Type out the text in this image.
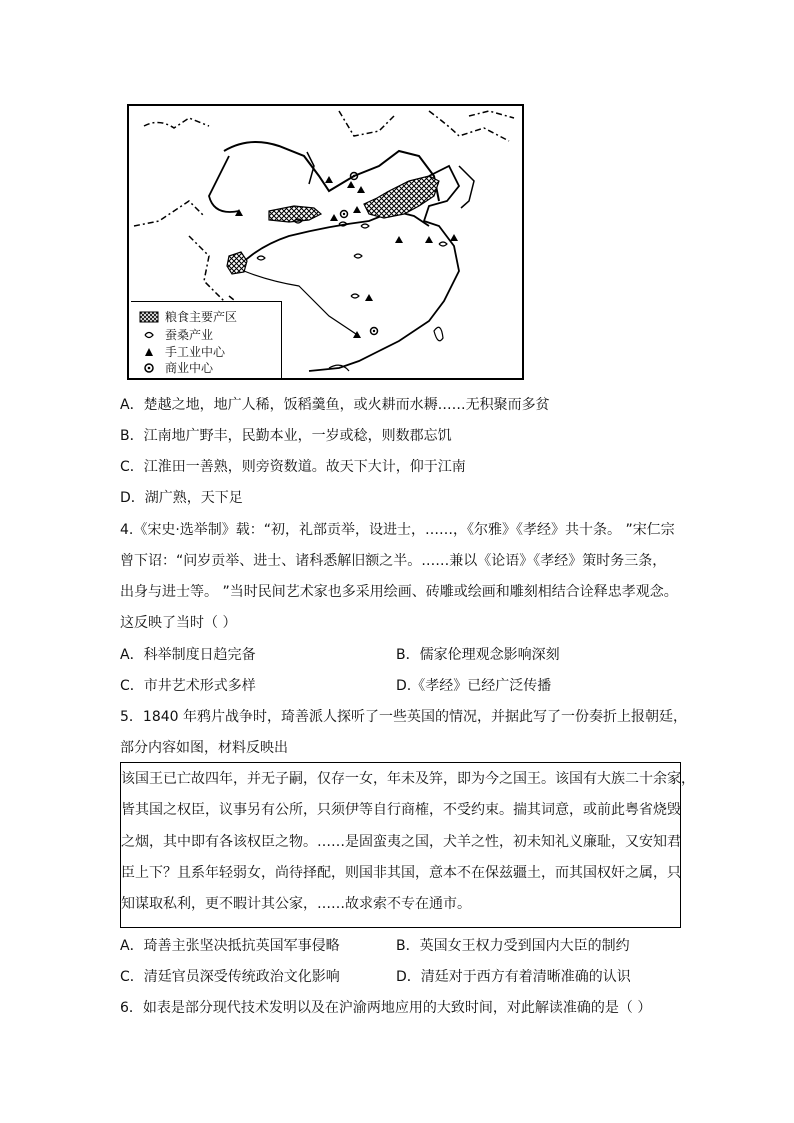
粮食主要产区
蚕桑产业
手工业中心
商业中心
A．楚越之地，地广人稀，饭稻羹鱼，或火耕而水耨……无积聚而多贫
B．江南地广野丰，民勤本业，一岁或稔，则数郡忘饥
C．江淮田一善熟，则旁资数道。故天下大计，仰于江南
D．湖广熟，天下足
4.《宋史·选举制》载：“初，礼部贡举，设进士，……，《尔雅》《孝经》共十条。 ”宋仁宗
曾下诏：“问岁贡举、进士、诸科悉解旧额之半。……兼以《论语》《孝经》策时务三条，
出身与进士等。 ”当时民间艺术家也多采用绘画、砖雕或绘画和雕刻相结合诠释忠孝观念。
这反映了当时（ ）
A．科举制度日趋完备	B．儒家伦理观念影响深刻
C．市井艺术形式多样	D.《孝经》已经广泛传播
5．1840 年鸦片战争时，琦善派人探听了一些英国的情况，并据此写了一份奏折上报朝廷，
部分内容如图，材料反映出
该国王已亡故四年，并无子嗣，仅存一女，年未及笄，即为今之国王。该国有大族二十余家，
皆其国之权臣，议事另有公所，只须伊等自行商榷，不受约束。揣其词意，或前此粤省烧毁
之烟，其中即有各该权臣之物。……是固蛮夷之国，犬羊之性，初未知礼义廉耻，又安知君
臣上下？且系年轻弱女，尚待择配，则国非其国，意本不在保兹疆土，而其国权奸之属，只
知谋取私利，更不暇计其公家，……故求索不专在通市。
A．琦善主张坚决抵抗英国军事侵略	B．英国女王权力受到国内大臣的制约
C．清廷官员深受传统政治文化影响	D．清廷对于西方有着清晰准确的认识
6．如表是部分现代技术发明以及在沪渝两地应用的大致时间，对此解读准确的是（ ）
